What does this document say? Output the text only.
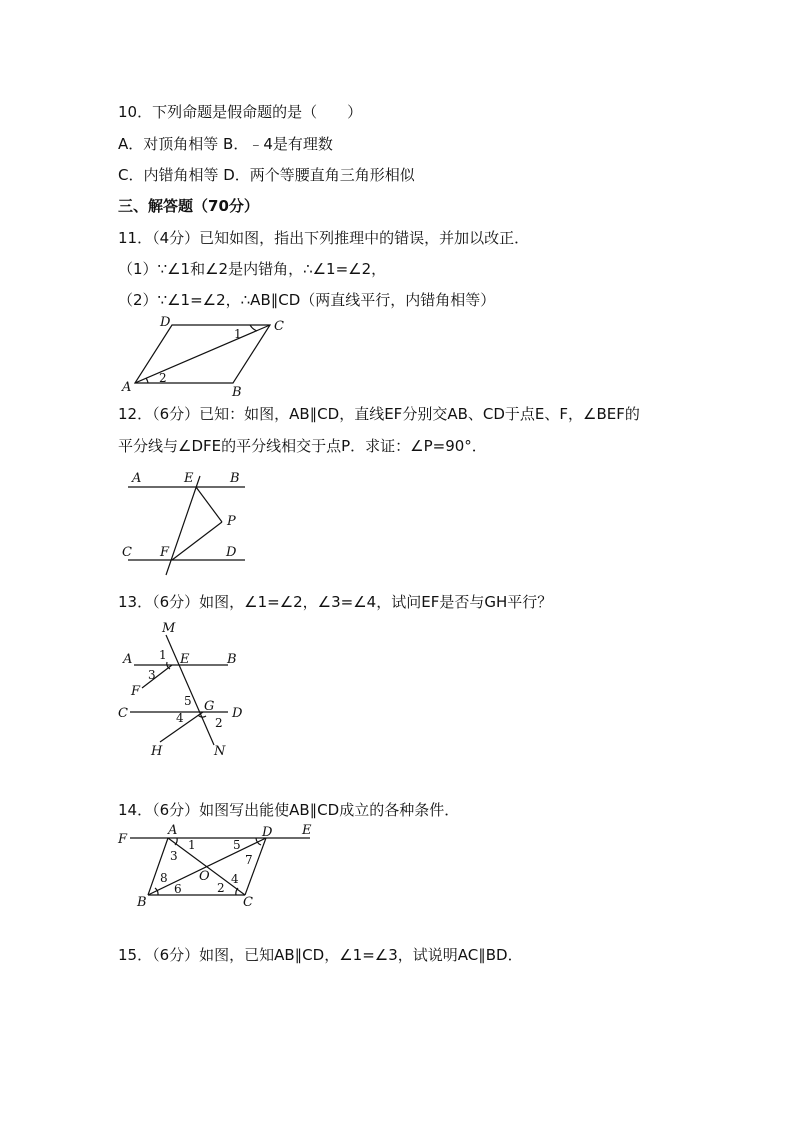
10．下列命题是假命题的是（　　）
A．对顶角相等 B．﹣4是有理数
C．内错角相等 D．两个等腰直角三角形相似
三、解答题（70分）
11．（4分）已知如图，指出下列推理中的错误，并加以改正．
（1）∵∠1和∠2是内错角，∴∠1=∠2，
（2）∵∠1=∠2，∴AB∥CD（两直线平行，内错角相等）
D	C
A	B
1
2
12．（6分）已知：如图，AB∥CD，直线EF分别交AB、CD于点E、F，∠BEF的
平分线与∠DFE的平分线相交于点P．求证：∠P=90°．
A	E	B
P
C F	D
13．（6分）如图，∠1=∠2，∠3=∠4，试问EF是否与GH平行？
M
A	E	B
F
C	G D
H	N
1
2
3
4
5
14．（6分）如图写出能使AB∥CD成立的各种条件．
F
A	D E
B	C
O
1
2
3
4
5
6
7
8
15．（6分）如图，已知AB∥CD，∠1=∠3，试说明AC∥BD．
